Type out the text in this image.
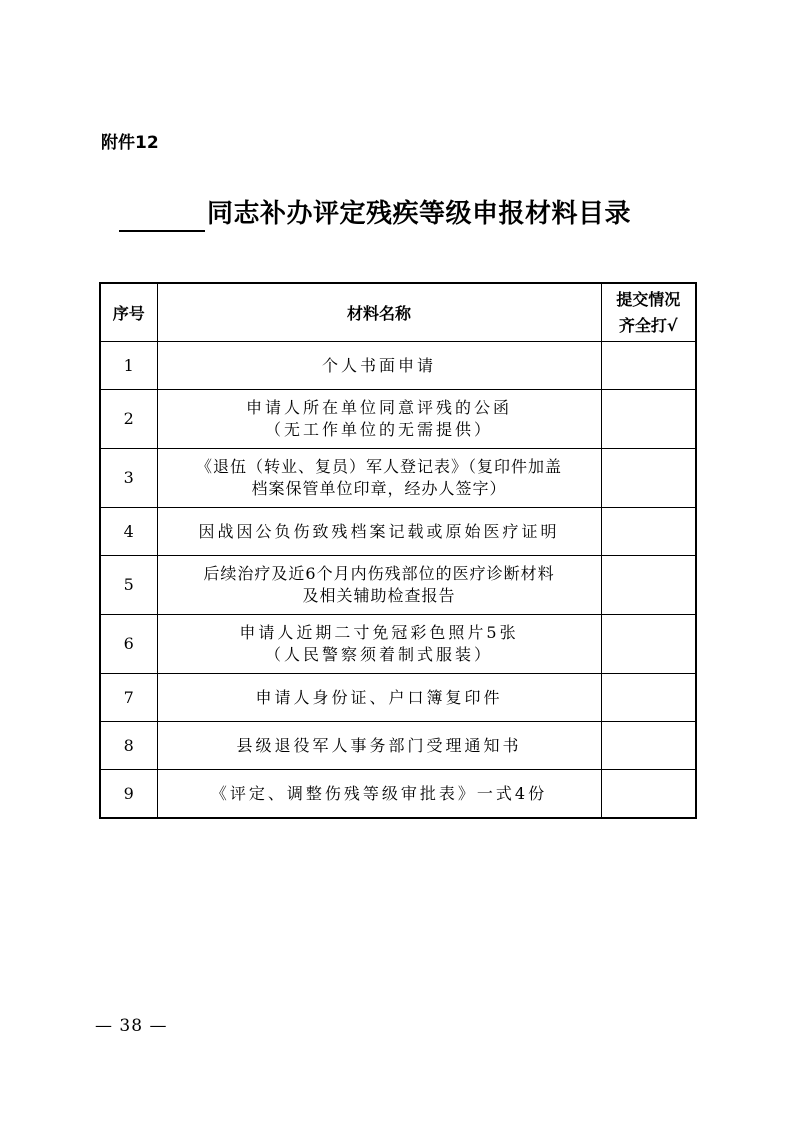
附件12
同志补办评定残疾等级申报材料目录
序号	材料名称	提交情况
齐全打√

1	个人书面申请	

2	申请人所在单位同意评残的公函
（无工作单位的无需提供）	

3	《退伍（转业、复员）军人登记表》（复印件加盖
档案保管单位印章，经办人签字）	

4	因战因公负伤致残档案记载或原始医疗证明	

5	后续治疗及近6个月内伤残部位的医疗诊断材料
及相关辅助检查报告	

6	申请人近期二寸免冠彩色照片5张
（人民警察须着制式服装）	

7	申请人身份证、户口簿复印件	

8	县级退役军人事务部门受理通知书	

9	《评定、调整伤残等级审批表》一式4份	

— 38 —
